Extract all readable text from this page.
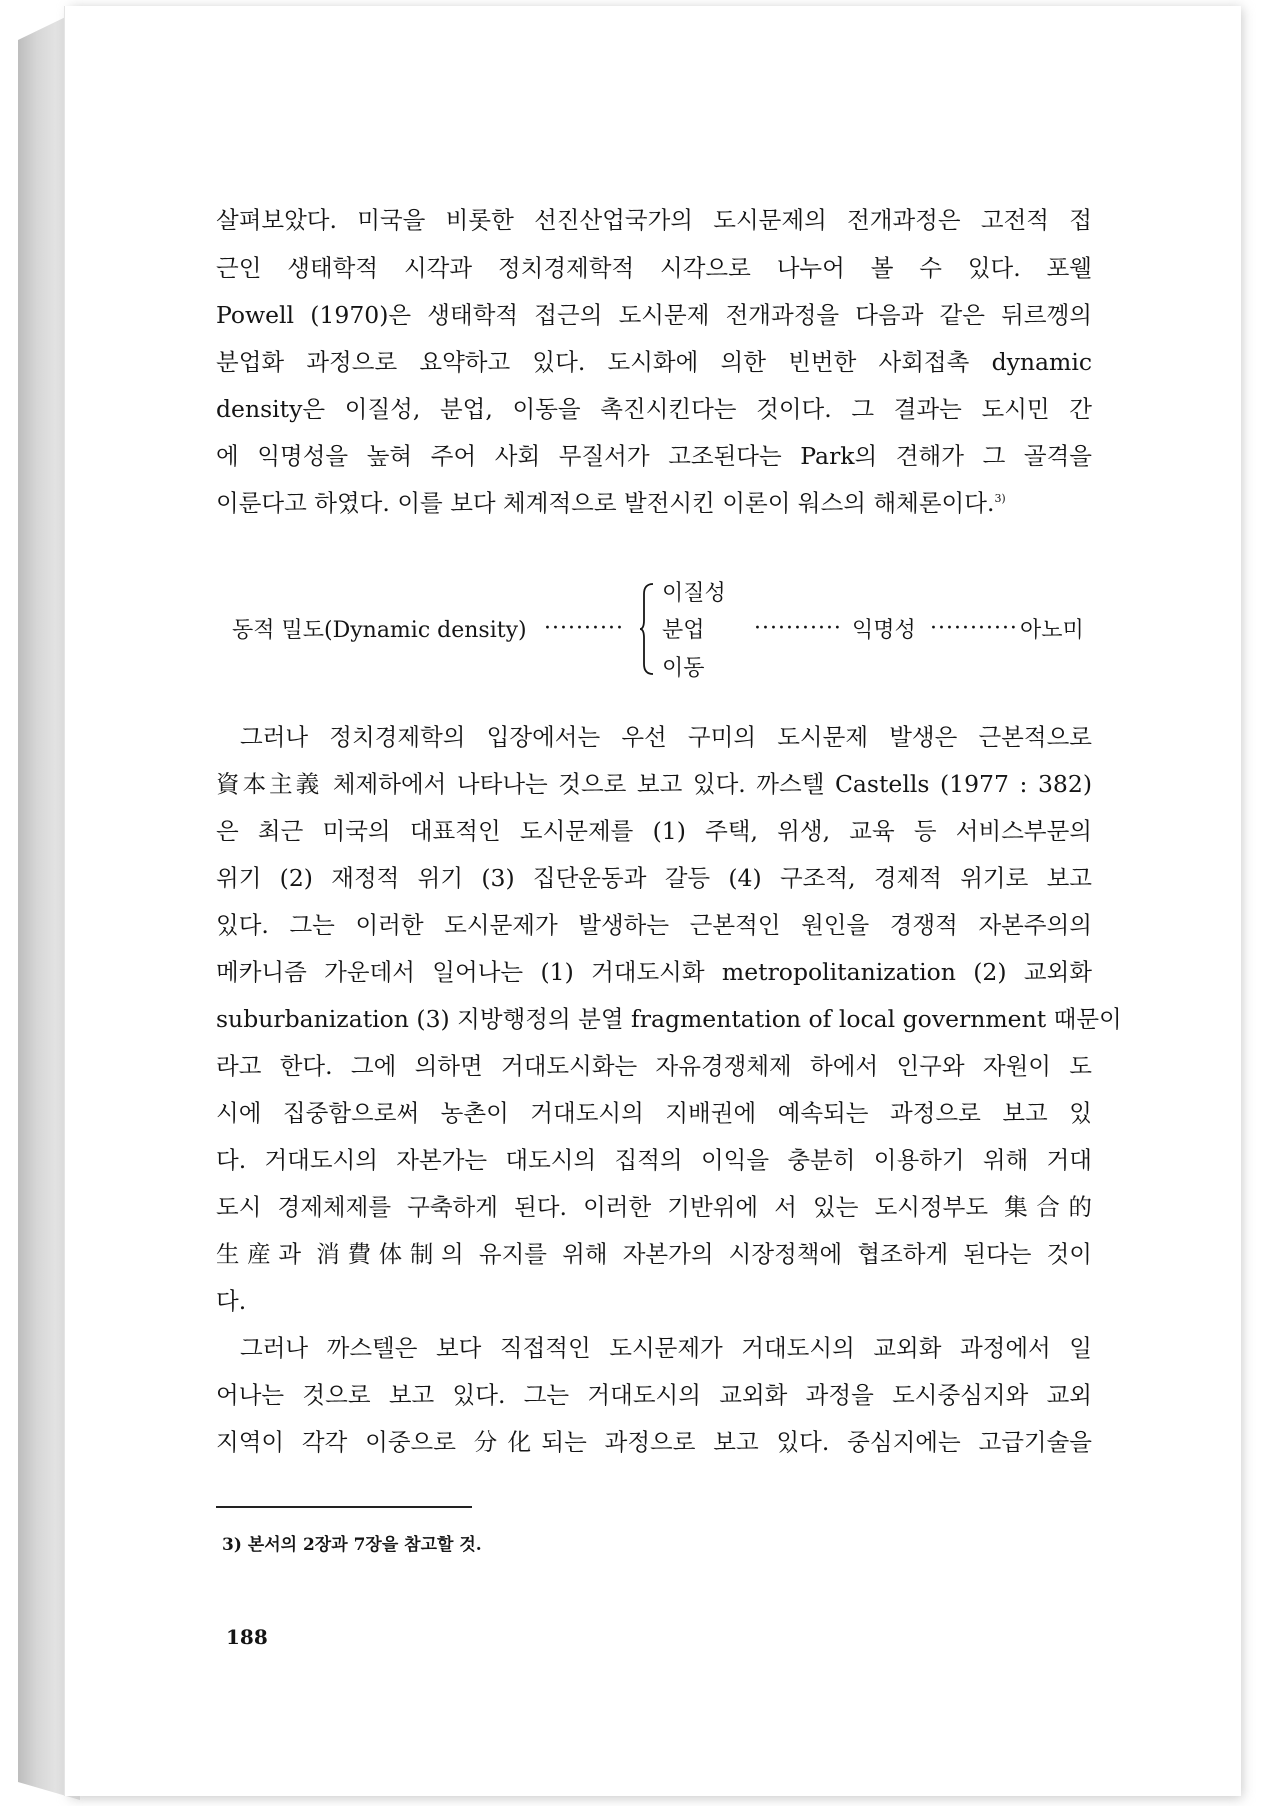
살펴보았다. 미국을 비롯한 선진산업국가의 도시문제의 전개과정은 고전적 접
근인 생태학적 시각과 정치경제학적 시각으로 나누어 볼 수 있다. 포웰
Powell (1970)은 생태학적 접근의 도시문제 전개과정을 다음과 같은 뒤르껭의
분업화 과정으로 요약하고 있다. 도시화에 의한 빈번한 사회접촉 dynamic
density은 이질성, 분업, 이동을 촉진시킨다는 것이다. 그 결과는 도시민 간
에 익명성을 높혀 주어 사회 무질서가 고조된다는 Park의 견해가 그 골격을
이룬다고 하였다. 이를 보다 체계적으로 발전시킨 이론이 워스의 해체론이다.$^{3)}$
동적 밀도(Dynamic density) ··········
이질성
분업
이동
··········· 익명성 ··········· 아노미
그러나 정치경제학의 입장에서는 우선 구미의 도시문제 발생은 근본적으로
資本主義 체제하에서 나타나는 것으로 보고 있다. 까스텔 Castells (1977 : 382)
은 최근 미국의 대표적인 도시문제를 (1) 주택, 위생, 교육 등 서비스부문의
위기 (2) 재정적 위기 (3) 집단운동과 갈등 (4) 구조적, 경제적 위기로 보고
있다. 그는 이러한 도시문제가 발생하는 근본적인 원인을 경쟁적 자본주의의
메카니즘 가운데서 일어나는 (1) 거대도시화 metropolitanization (2) 교외화
suburbanization (3) 지방행정의 분열 fragmentation of local government 때문이
라고 한다. 그에 의하면 거대도시화는 자유경쟁체제 하에서 인구와 자원이 도
시에 집중함으로써 농촌이 거대도시의 지배권에 예속되는 과정으로 보고 있
다. 거대도시의 자본가는 대도시의 집적의 이익을 충분히 이용하기 위해 거대
도시 경제체제를 구축하게 된다. 이러한 기반위에 서 있는 도시정부도 集合的
生産과 消費体制의 유지를 위해 자본가의 시장정책에 협조하게 된다는 것이
다.
그러나 까스텔은 보다 직접적인 도시문제가 거대도시의 교외화 과정에서 일
어나는 것으로 보고 있다. 그는 거대도시의 교외화 과정을 도시중심지와 교외
지역이 각각 이중으로 分化되는 과정으로 보고 있다. 중심지에는 고급기술을
3) 본서의 2장과 7장을 참고할 것.
188
